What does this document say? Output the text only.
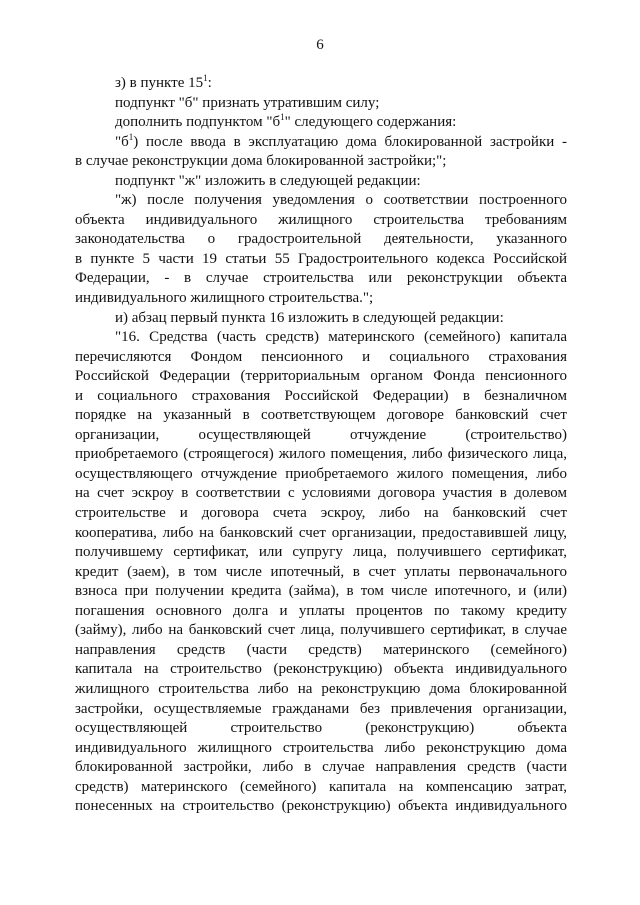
6

з) в пункте $15^1$:

подпункт "б" признать утратившим силу;

дополнить подпунктом "$б^1$" следующего содержания:

"$б^1$) после ввода в эксплуатацию дома блокированной застройки -
в случае реконструкции дома блокированной застройки;";

подпункт "ж" изложить в следующей редакции:

"ж) после получения уведомления о соответствии построенного
объекта индивидуального жилищного строительства требованиям
законодательства о градостроительной деятельности, указанного
в пункте 5 части 19 статьи 55 Градостроительного кодекса Российской
Федерации, - в случае строительства или реконструкции объекта
индивидуального жилищного строительства.";

и) абзац первый пункта 16 изложить в следующей редакции:

"16. Средства (часть средств) материнского (семейного) капитала
перечисляются Фондом пенсионного и социального страхования
Российской Федерации (территориальным органом Фонда пенсионного
и социального страхования Российской Федерации) в безналичном
порядке на указанный в соответствующем договоре банковский счет
организации, осуществляющей отчуждение (строительство)
приобретаемого (строящегося) жилого помещения, либо физического лица,
осуществляющего отчуждение приобретаемого жилого помещения, либо
на счет эскроу в соответствии с условиями договора участия в долевом
строительстве и договора счета эскроу, либо на банковский счет
кооператива, либо на банковский счет организации, предоставившей лицу,
получившему сертификат, или супругу лица, получившего сертификат,
кредит (заем), в том числе ипотечный, в счет уплаты первоначального
взноса при получении кредита (займа), в том числе ипотечного, и (или)
погашения основного долга и уплаты процентов по такому кредиту
(займу), либо на банковский счет лица, получившего сертификат, в случае
направления средств (части средств) материнского (семейного)
капитала на строительство (реконструкцию) объекта индивидуального
жилищного строительства либо на реконструкцию дома блокированной
застройки, осуществляемые гражданами без привлечения организации,
осуществляющей строительство (реконструкцию) объекта
индивидуального жилищного строительства либо реконструкцию дома
блокированной застройки, либо в случае направления средств (части
средств) материнского (семейного) капитала на компенсацию затрат,
понесенных на строительство (реконструкцию) объекта индивидуального
